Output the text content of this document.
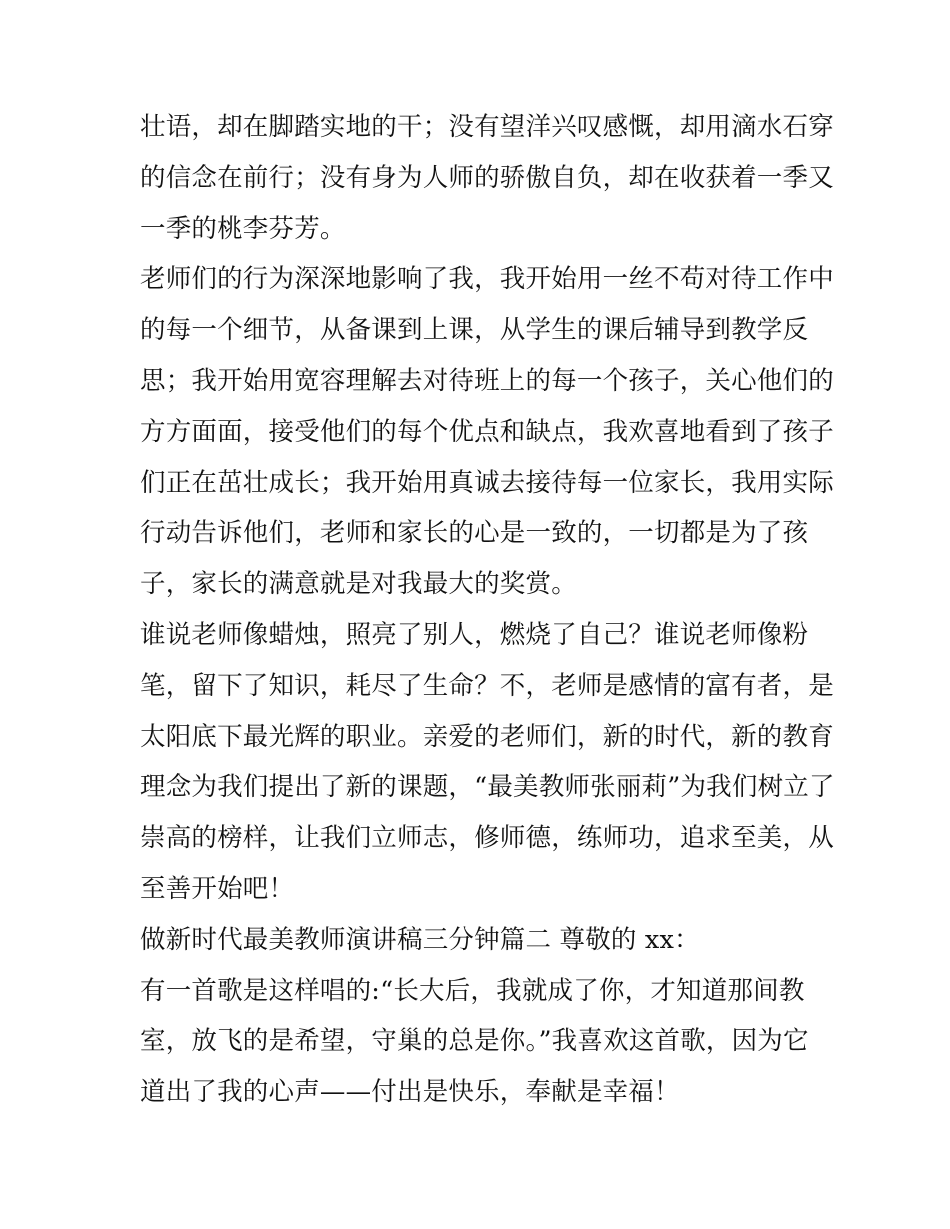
壮语，却在脚踏实地的干；没有望洋兴叹感慨，却用滴水石穿
的信念在前行；没有身为人师的骄傲自负，却在收获着一季又
一季的桃李芬芳。
老师们的行为深深地影响了我，我开始用一丝不苟对待工作中
的每一个细节，从备课到上课，从学生的课后辅导到教学反
思；我开始用宽容理解去对待班上的每一个孩子，关心他们的
方方面面，接受他们的每个优点和缺点，我欢喜地看到了孩子
们正在茁壮成长；我开始用真诚去接待每一位家长，我用实际
行动告诉他们，老师和家长的心是一致的，一切都是为了孩
子，家长的满意就是对我最大的奖赏。
谁说老师像蜡烛，照亮了别人，燃烧了自己？谁说老师像粉
笔，留下了知识，耗尽了生命？不，老师是感情的富有者，是
太阳底下最光辉的职业。亲爱的老师们，新的时代，新的教育
理念为我们提出了新的课题，“最美教师张丽莉”为我们树立了
崇高的榜样，让我们立师志，修师德，练师功，追求至美，从
至善开始吧！
做新时代最美教师演讲稿三分钟篇二 尊敬的 xx：
有一首歌是这样唱的:“长大后，我就成了你，才知道那间教
室，放飞的是希望，守巢的总是你。”我喜欢这首歌，因为它
道出了我的心声——付出是快乐，奉献是幸福！
